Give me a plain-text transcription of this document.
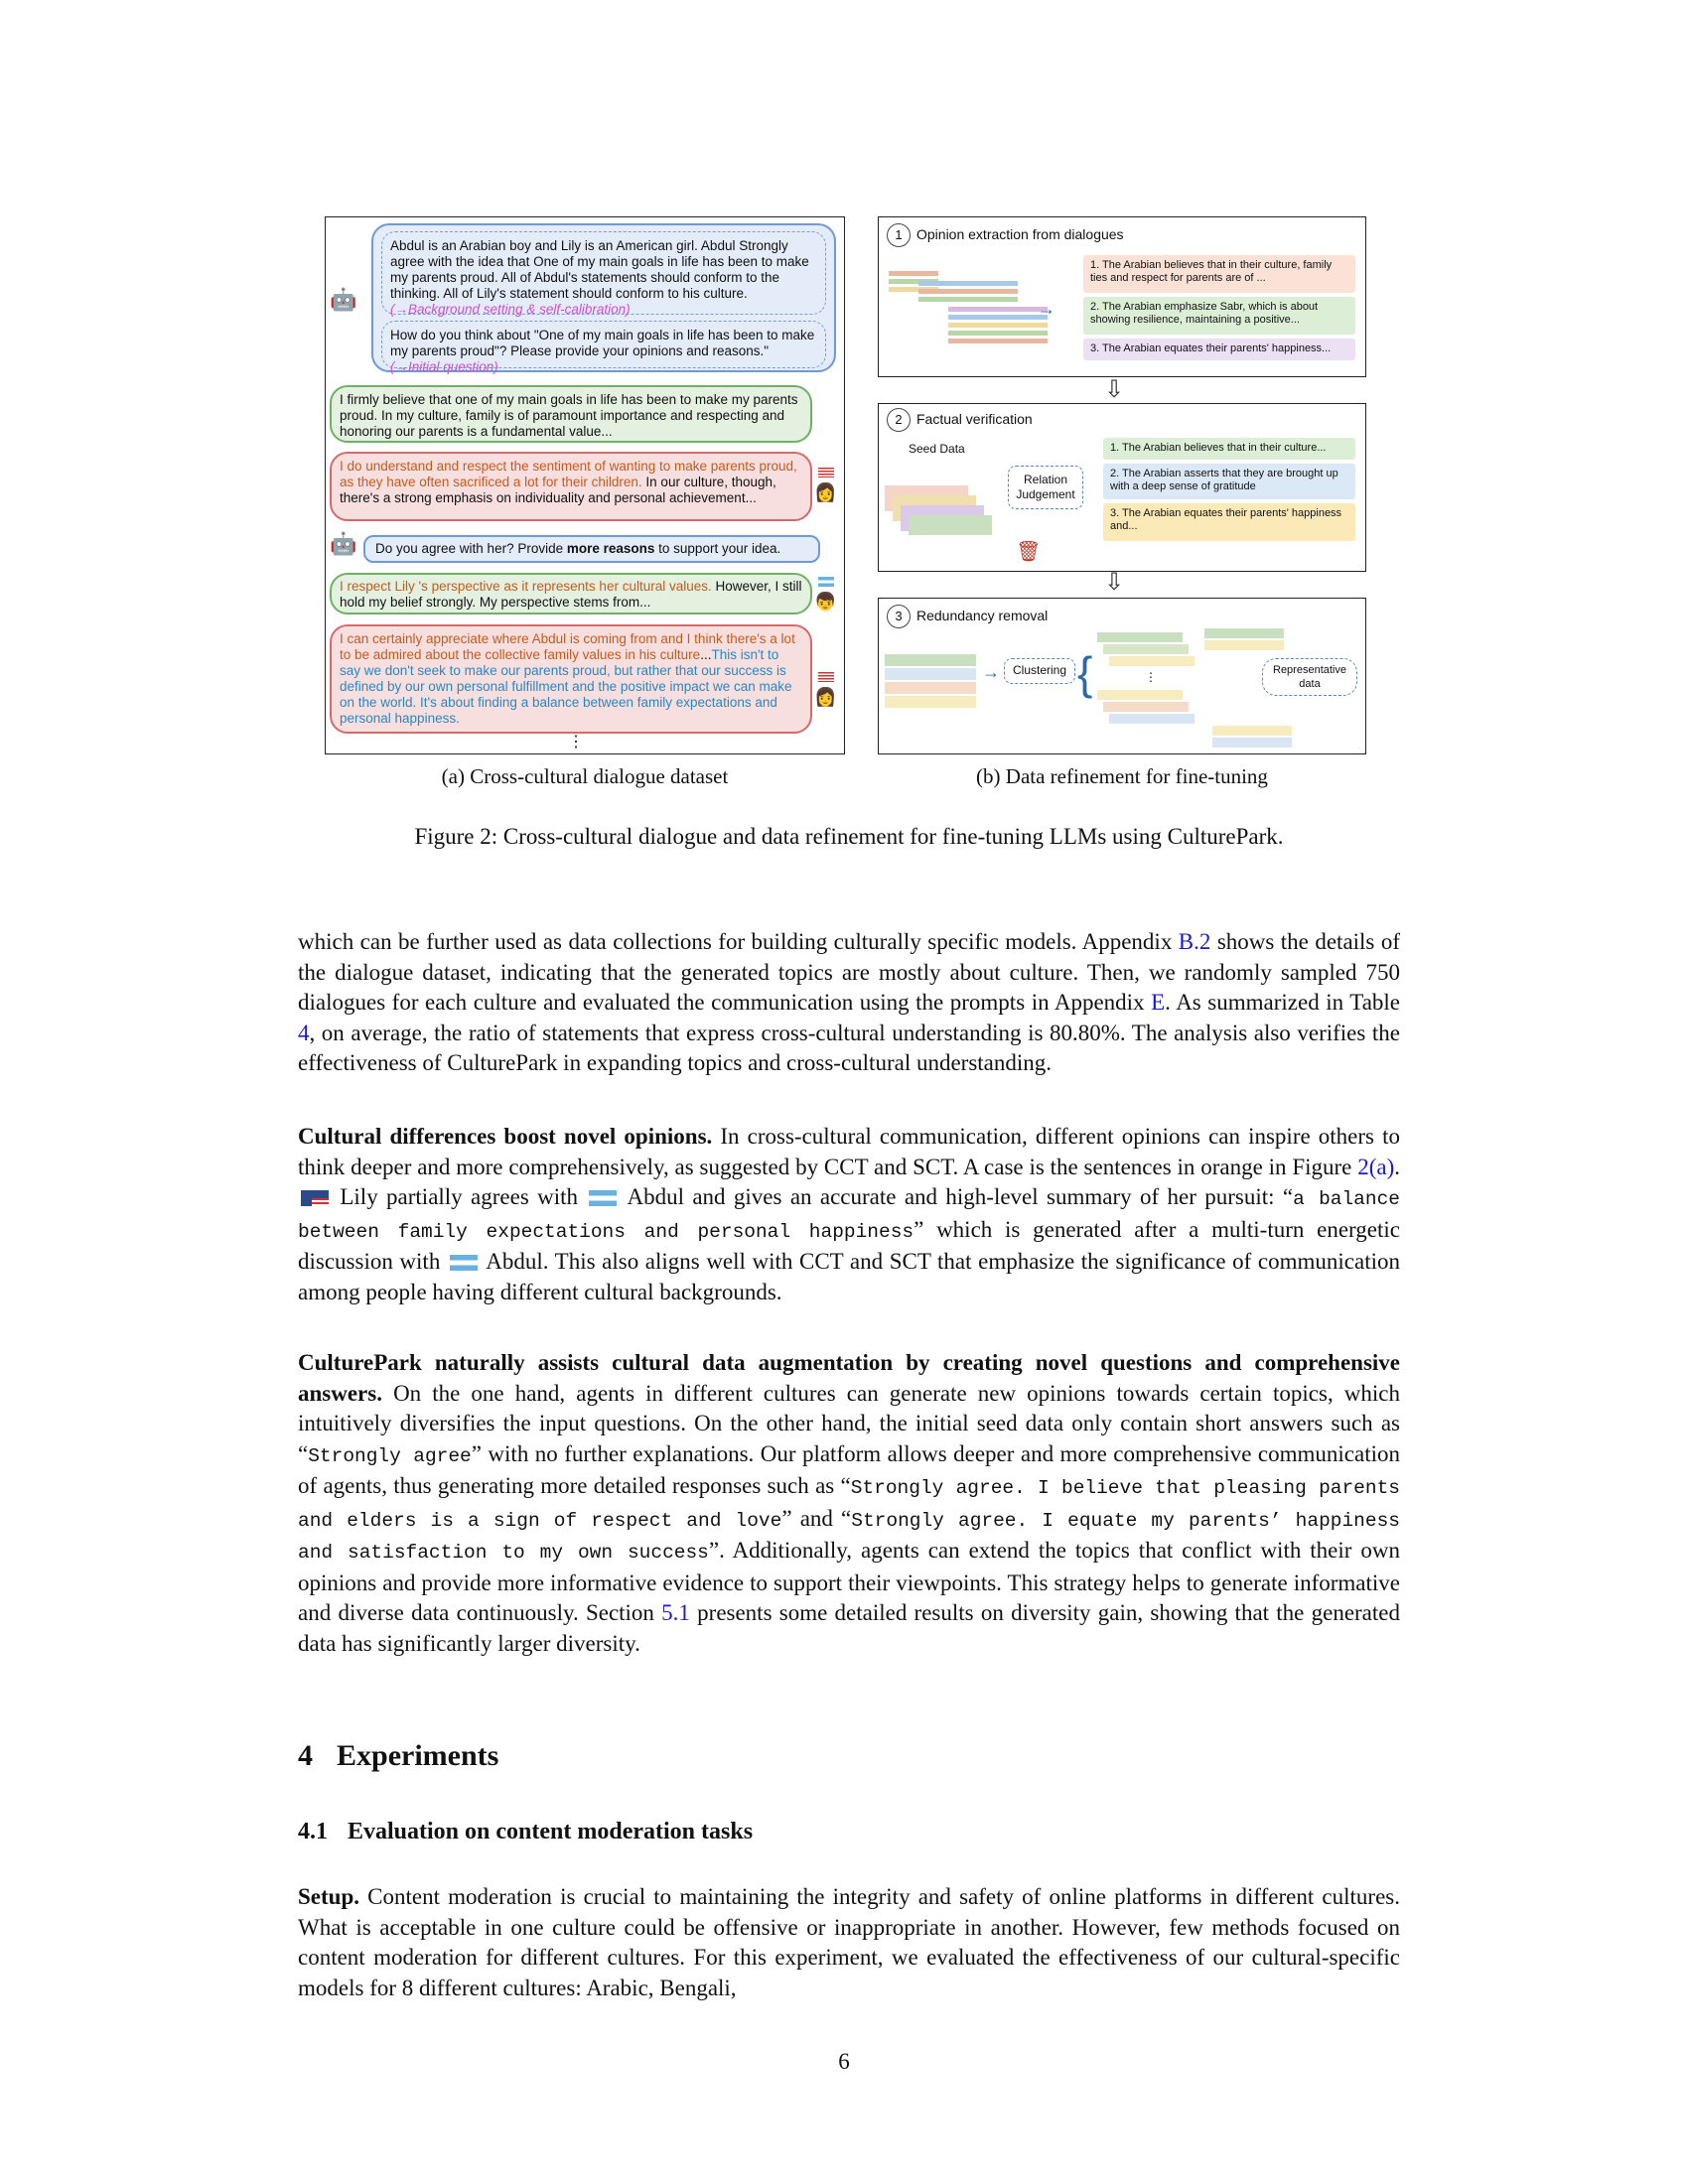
🤖
Abdul is an Arabian boy and Lily is an American girl. Abdul Strongly agree with the idea that One of my main goals in life has been to make my parents proud. All of Abdul's statements should conform to the thinking. All of Lily's statement should conform to his culture. (→Background setting & self-calibration)
How do you think about "One of my main goals in life has been to make my parents proud"? Please provide your opinions and reasons." (→Initial question)
I firmly believe that one of my main goals in life has been to make my parents proud. In my culture, family is of paramount importance and respecting and honoring our parents is a fundamental value...
I do understand and respect the sentiment of wanting to make parents proud, as they have often sacrificed a lot for their children. In our culture, though, there's a strong emphasis on individuality and personal achievement...	👩
🤖	Do you agree with her? Provide more reasons to support your idea.
I respect Lily 's perspective as it represents her cultural values. However, I still hold my belief strongly. My perspective stems from...	👦
I can certainly appreciate where Abdul is coming from and I think there's a lot to be admired about the collective family values in his culture...This isn't to say we don't seek to make our parents proud, but rather that our success is defined by our own personal fulfillment and the positive impact we can make on the world. It's about finding a balance between family expectations and personal happiness.
👩
⋮
1 Opinion extraction from dialogues
→
1. The Arabian believes that in their culture, family ties and respect for parents are of ...
2. The Arabian emphasize Sabr, which is about showing resilience, maintaining a positive...
3. The Arabian equates their parents' happiness...
⇩
2 Factual verification
Seed Data
Relation Judgement
🗑
1. The Arabian believes that in their culture...
2. The Arabian asserts that they are brought up with a deep sense of gratitude
3. The Arabian equates their parents' happiness and...
⇩
3 Redundancy removal
→	Clustering {	⋮	Representative data
(a) Cross-cultural dialogue dataset	(b) Data refinement for fine-tuning
Figure 2: Cross-cultural dialogue and data refinement for fine-tuning LLMs using CulturePark.
which can be further used as data collections for building culturally specific models. Appendix B.2 shows the details of the dialogue dataset, indicating that the generated topics are mostly about culture. Then, we randomly sampled 750 dialogues for each culture and evaluated the communication using the prompts in Appendix E. As summarized in Table 4, on average, the ratio of statements that express cross-cultural understanding is 80.80%. The analysis also verifies the effectiveness of CulturePark in expanding topics and cross-cultural understanding.
Cultural differences boost novel opinions. In cross-cultural communication, different opinions can inspire others to think deeper and more comprehensively, as suggested by CCT and SCT. A case is the sentences in orange in Figure 2(a).  Lily partially agrees with  Abdul and gives an accurate and high-level summary of her pursuit: “a balance between family expectations and personal happiness” which is generated after a multi-turn energetic discussion with  Abdul. This also aligns well with CCT and SCT that emphasize the significance of communication among people having different cultural backgrounds.
CulturePark naturally assists cultural data augmentation by creating novel questions and comprehensive answers. On the one hand, agents in different cultures can generate new opinions towards certain topics, which intuitively diversifies the input questions. On the other hand, the initial seed data only contain short answers such as “Strongly agree” with no further explanations. Our platform allows deeper and more comprehensive communication of agents, thus generating more detailed responses such as “Strongly agree. I believe that pleasing parents and elders is a sign of respect and love” and “Strongly agree. I equate my parents’ happiness and satisfaction to my own success”. Additionally, agents can extend the topics that conflict with their own opinions and provide more informative evidence to support their viewpoints. This strategy helps to generate informative and diverse data continuously. Section 5.1 presents some detailed results on diversity gain, showing that the generated data has significantly larger diversity.
4 Experiments
4.1 Evaluation on content moderation tasks
Setup. Content moderation is crucial to maintaining the integrity and safety of online platforms in different cultures. What is acceptable in one culture could be offensive or inappropriate in another. However, few methods focused on content moderation for different cultures. For this experiment, we evaluated the effectiveness of our cultural-specific models for 8 different cultures: Arabic, Bengali,
6
